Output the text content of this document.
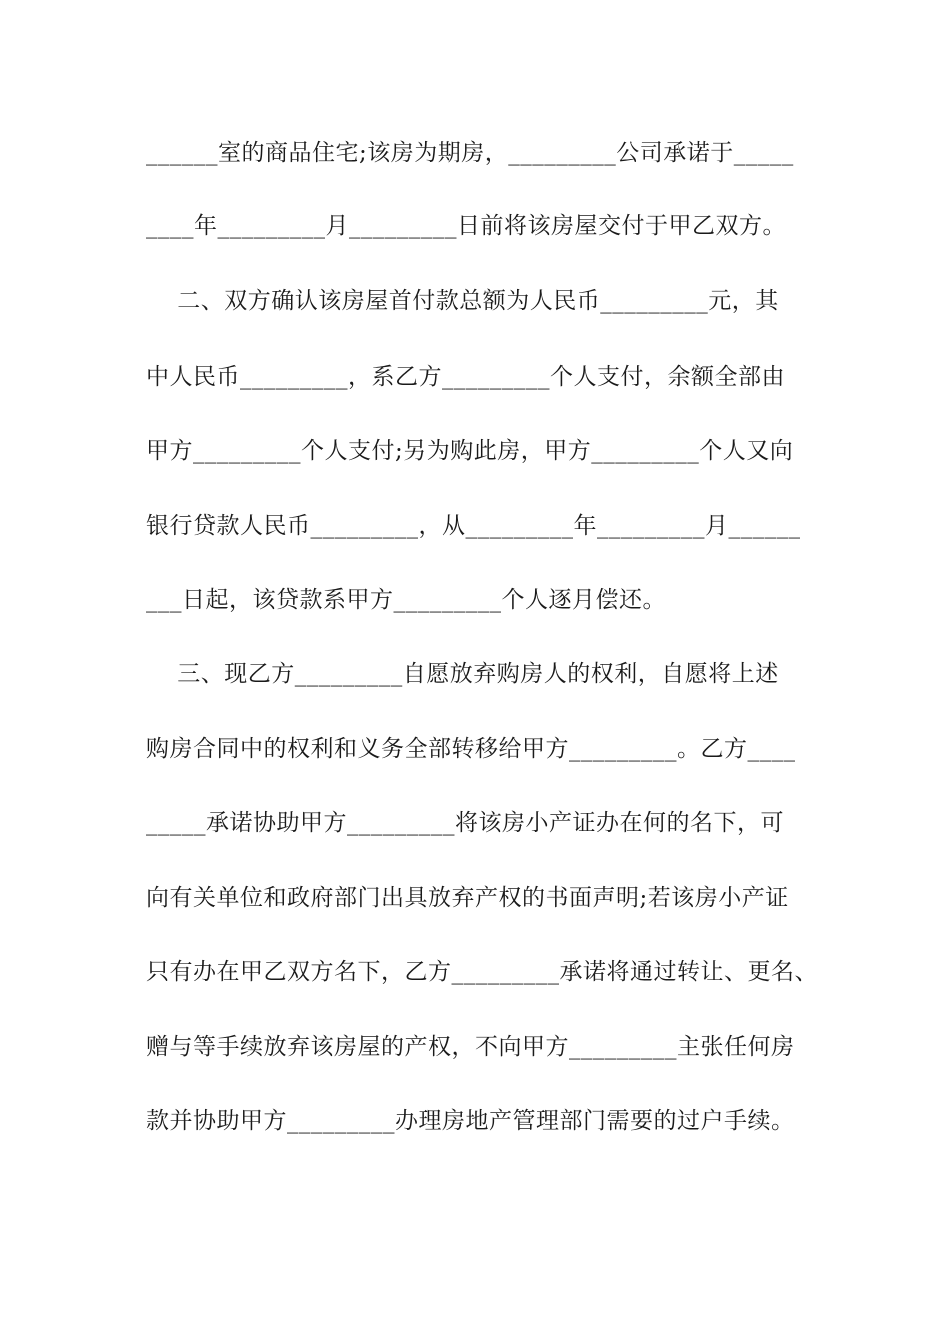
______室的商品住宅;该房为期房，_________公司承诺于_____
____年_________月_________日前将该房屋交付于甲乙双方。
二、双方确认该房屋首付款总额为人民币_________元，其
中人民币_________，系乙方_________个人支付，余额全部由
甲方_________个人支付;另为购此房，甲方_________个人又向
银行贷款人民币_________，从_________年_________月______
___日起，该贷款系甲方_________个人逐月偿还。
三、现乙方_________自愿放弃购房人的权利，自愿将上述
购房合同中的权利和义务全部转移给甲方_________。乙方____
_____承诺协助甲方_________将该房小产证办在何的名下，可
向有关单位和政府部门出具放弃产权的书面声明;若该房小产证
只有办在甲乙双方名下，乙方_________承诺将通过转让、更名、
赠与等手续放弃该房屋的产权，不向甲方_________主张任何房
款并协助甲方_________办理房地产管理部门需要的过户手续。
